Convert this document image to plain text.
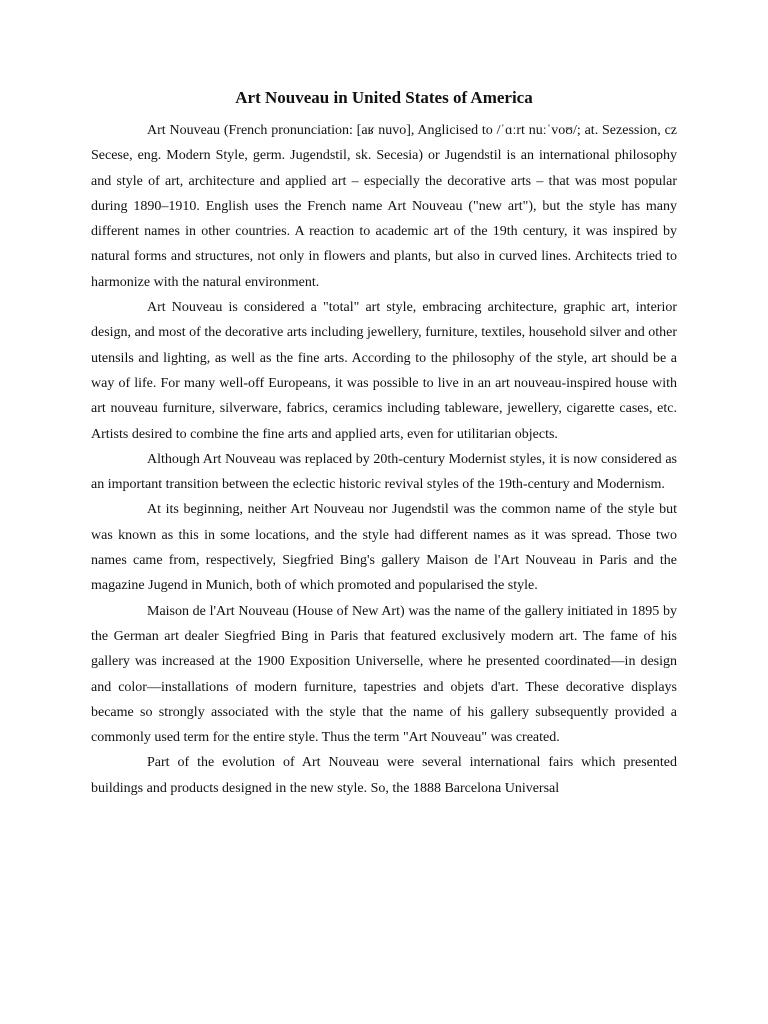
Art Nouveau in United States of America

Art Nouveau (French pronunciation: [aʁ nuvo], Anglicised to /ˈɑːrt nuːˈvoʊ/; at. Sezession, cz Secese, eng. Modern Style, germ. Jugendstil, sk. Secesia) or Jugendstil is an international philosophy and style of art, architecture and applied art – especially the decorative arts – that was most popular during 1890–1910. English uses the French name Art Nouveau ("new art"), but the style has many different names in other countries. A reaction to academic art of the 19th century, it was inspired by natural forms and structures, not only in flowers and plants, but also in curved lines. Architects tried to harmonize with the natural environment.

Art Nouveau is considered a "total" art style, embracing architecture, graphic art, interior design, and most of the decorative arts including jewellery, furniture, textiles, household silver and other utensils and lighting, as well as the fine arts. According to the philosophy of the style, art should be a way of life. For many well-off Europeans, it was possible to live in an art nouveau-inspired house with art nouveau furniture, silverware, fabrics, ceramics including tableware, jewellery, cigarette cases, etc. Artists desired to combine the fine arts and applied arts, even for utilitarian objects.

Although Art Nouveau was replaced by 20th-century Modernist styles, it is now considered as an important transition between the eclectic historic revival styles of the 19th-century and Modernism.

At its beginning, neither Art Nouveau nor Jugendstil was the common name of the style but was known as this in some locations, and the style had different names as it was spread. Those two names came from, respectively, Siegfried Bing's gallery Maison de l'Art Nouveau in Paris and the magazine Jugend in Munich, both of which promoted and popularised the style.

Maison de l'Art Nouveau (House of New Art) was the name of the gallery initiated in 1895 by the German art dealer Siegfried Bing in Paris that featured exclusively modern art. The fame of his gallery was increased at the 1900 Exposition Universelle, where he presented coordinated—in design and color—installations of modern furniture, tapestries and objets d'art. These decorative displays became so strongly associated with the style that the name of his gallery subsequently provided a commonly used term for the entire style. Thus the term "Art Nouveau" was created.

Part of the evolution of Art Nouveau were several international fairs which presented buildings and products designed in the new style. So, the 1888 Barcelona Universal
